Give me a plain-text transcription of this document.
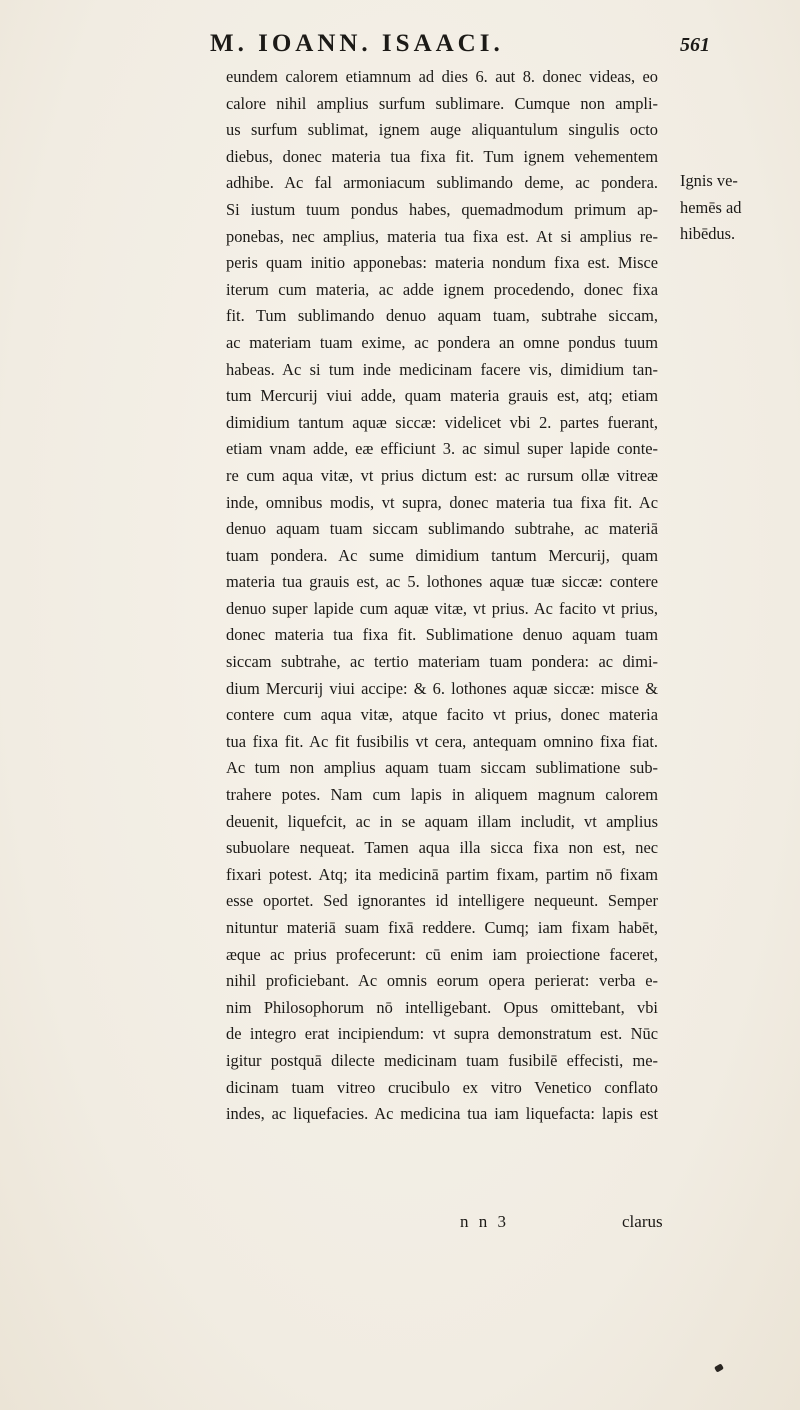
M. IOANN. ISAACI.	561
eundem calorem etiamnum ad dies 6. aut 8. donec videas, eo
calore nihil amplius surfum sublimare. Cumque non ampli-
us surfum sublimat, ignem auge aliquantulum singulis octo
diebus, donec materia tua fixa fit. Tum ignem vehementem
adhibe. Ac fal armoniacum sublimando deme, ac pondera.
Si iustum tuum pondus habes, quemadmodum primum ap-
ponebas, nec amplius, materia tua fixa est. At si amplius re-
peris quam initio apponebas: materia nondum fixa est. Misce
iterum cum materia, ac adde ignem procedendo, donec fixa
fit. Tum sublimando denuo aquam tuam, subtrahe siccam,
ac materiam tuam exime, ac pondera an omne pondus tuum
habeas. Ac si tum inde medicinam facere vis, dimidium tan-
tum Mercurij viui adde, quam materia grauis est, atq; etiam
dimidium tantum aquæ siccæ: videlicet vbi 2. partes fuerant,
etiam vnam adde, eæ efficiunt 3. ac simul super lapide conte-
re cum aqua vitæ, vt prius dictum est: ac rursum ollæ vitreæ
inde, omnibus modis, vt supra, donec materia tua fixa fit. Ac
denuo aquam tuam siccam sublimando subtrahe, ac materiā
tuam pondera. Ac sume dimidium tantum Mercurij, quam
materia tua grauis est, ac 5. lothones aquæ tuæ siccæ: contere
denuo super lapide cum aquæ vitæ, vt prius. Ac facito vt prius,
donec materia tua fixa fit. Sublimatione denuo aquam tuam
siccam subtrahe, ac tertio materiam tuam pondera: ac dimi-
dium Mercurij viui accipe: & 6. lothones aquæ siccæ: misce &
contere cum aqua vitæ, atque facito vt prius, donec materia
tua fixa fit. Ac fit fusibilis vt cera, antequam omnino fixa fiat.
Ac tum non amplius aquam tuam siccam sublimatione sub-
trahere potes. Nam cum lapis in aliquem magnum calorem
deuenit, liquefcit, ac in se aquam illam includit, vt amplius
subuolare nequeat. Tamen aqua illa sicca fixa non est, nec
fixari potest. Atq; ita medicinā partim fixam, partim nō fixam
esse oportet. Sed ignorantes id intelligere nequeunt. Semper
nituntur materiā suam fixā reddere. Cumq; iam fixam habēt,
æque ac prius profecerunt: cū enim iam proiectione faceret,
nihil proficiebant. Ac omnis eorum opera perierat: verba e-
nim Philosophorum nō intelligebant. Opus omittebant, vbi
de integro erat incipiendum: vt supra demonstratum est. Nūc
igitur postquā dilecte medicinam tuam fusibilē effecisti, me-
dicinam tuam vitreo crucibulo ex vitro Venetico conflato
indes, ac liquefacies. Ac medicina tua iam liquefacta: lapis est
Ignis ve-
hemēs ad
hibēdus.
n n 3	clarus
